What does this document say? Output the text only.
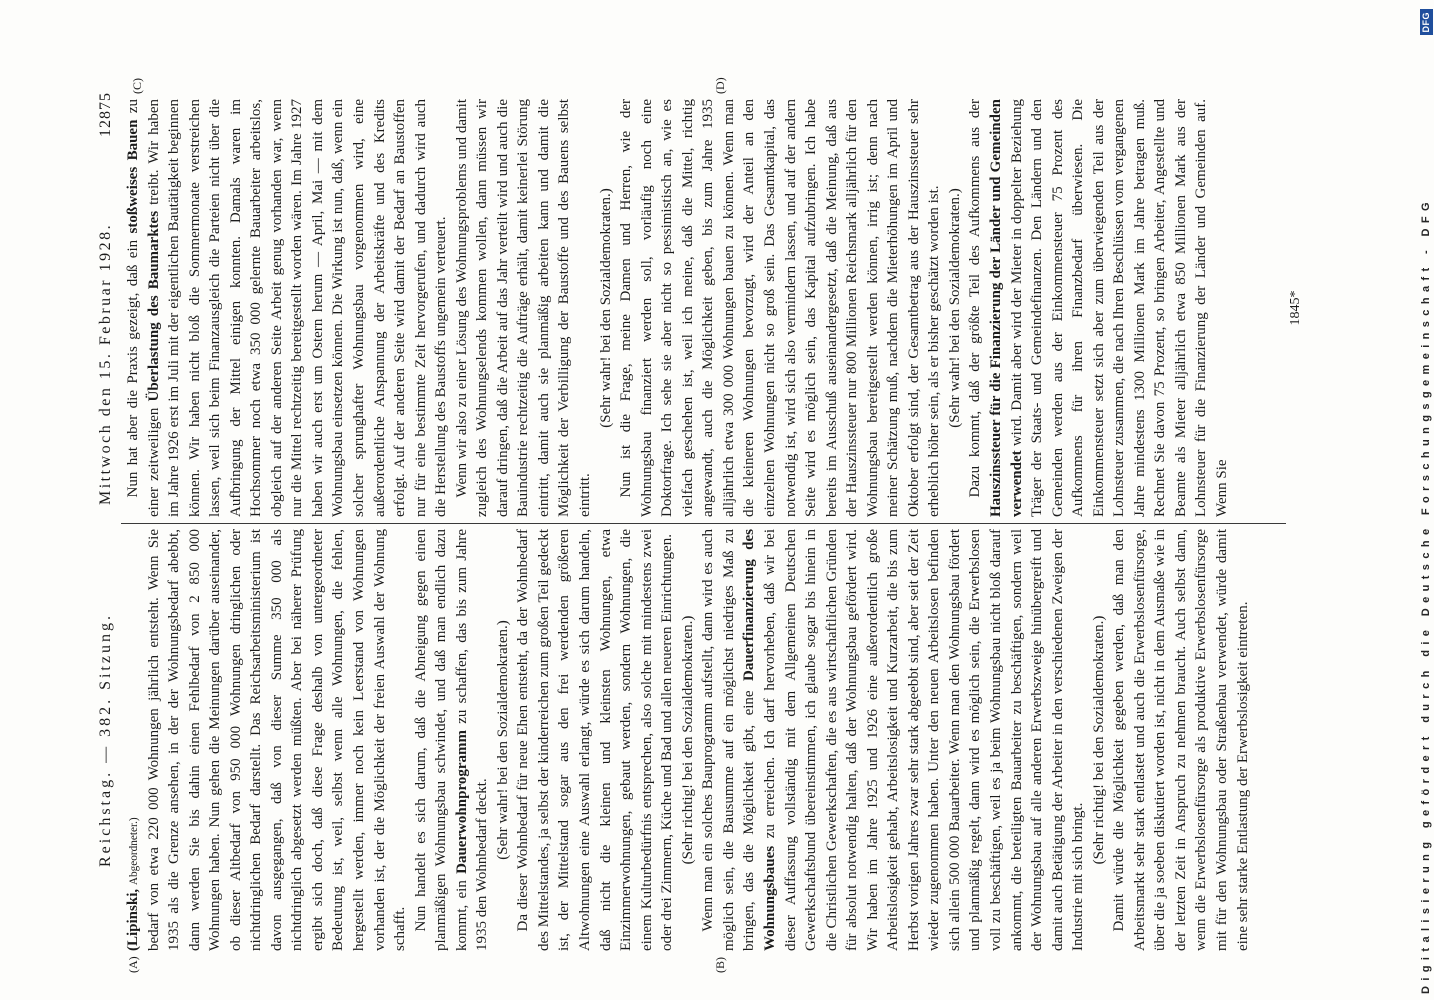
Reichstag. — 382. Sitzung.
Mittwoch den 15. Februar 1928.
12875
(A)	(B)
(C)	(D)

(Lipinski, Abgeordneter.) bedarf von etwa 220 000 Wohnungen jährlich entsteht. Wenn Sie 1935 als die Grenze ansehen, in der der Wohnungsbedarf abebbt, dann werden Sie bis dahin einen Fehlbedarf von 2 850 000 Wohnungen haben. Nun gehen die Meinungen darüber auseinander, ob dieser Altbedarf von 950 000 Wohnungen dringlichen oder nichtdringlichen Bedarf darstellt. Das Reichsarbeitsministerium ist davon ausgegangen, daß von dieser Summe 350 000 als nichtdringlich abgesetzt werden müßten. Aber bei näherer Prüfung ergibt sich doch, daß diese Frage deshalb von untergeordneter Bedeutung ist, weil, selbst wenn alle Wohnungen, die fehlen, hergestellt werden, immer noch kein Leerstand von Wohnungen vorhanden ist, der die Möglichkeit der freien Auswahl der Wohnung schafft. Nun handelt es sich darum, daß die Abneigung gegen einen planmäßigen Wohnungsbau schwindet, und daß man endlich dazu kommt, ein Dauerwohnprogramm zu schaffen, das bis zum Jahre 1935 den Wohnbedarf deckt.

(Sehr wahr! bei den Sozialdemokraten.) Da dieser Wohnbedarf für neue Ehen entsteht, da der Wohnbedarf des Mittelstandes, ja selbst der kinderreichen zum großen Teil gedeckt ist, der Mittelstand sogar aus den frei werdenden größeren Altwohnungen eine Auswahl erlangt, würde es sich darum handeln, daß nicht die kleinen und kleinsten Wohnungen, etwa Einzimmerwohnungen, gebaut werden, sondern Wohnungen, die einem Kulturbedürfnis entsprechen, also solche mit mindestens zwei oder drei Zimmern, Küche und Bad und allen neueren Einrichtungen. (Sehr richtig! bei den Sozialdemokraten.) Wenn man ein solches Bauprogramm aufstellt, dann wird es auch möglich sein, die Bausumme auf ein möglichst niedriges Maß zu bringen, das die Möglichkeit gibt, eine Dauerfinanzierung des Wohnungsbaues zu erreichen. Ich darf hervorheben, daß wir bei dieser Auffassung vollständig mit dem Allgemeinen Deutschen Gewerkschaftsbund übereinstimmen, ich glaube sogar bis hinein in die Christlichen Gewerkschaften, die es aus wirtschaftlichen Gründen für absolut notwendig halten, daß der Wohnungsbau gefördert wird. Wir haben im Jahre 1925 und 1926 eine außerordentlich große Arbeitslosigkeit gehabt, Arbeitslosigkeit und Kurzarbeit, die bis zum Herbst vorigen Jahres zwar sehr stark abgeebbt sind, aber seit der Zeit wieder zugenommen haben. Unter den neuen Arbeitslosen befinden sich allein 500 000 Bauarbeiter. Wenn man den Wohnungsbau fördert und planmäßig regelt, dann wird es möglich sein, die Erwerbslosen voll zu beschäftigen, weil es ja beim Wohnungsbau nicht bloß darauf ankommt, die beteiligten Bauarbeiter zu beschäftigen, sondern weil der Wohnungsbau auf alle anderen Erwerbszweige hinübergreift und damit auch Betätigung der Arbeiter in den verschiedenen Zweigen der Industrie mit sich bringt.

(Sehr richtig! bei den Sozialdemokraten.) Damit würde die Möglichkeit gegeben werden, daß man den Arbeitsmarkt sehr stark entlastet und auch die Erwerbslosenfürsorge, über die ja soeben diskutiert worden ist, nicht in dem Ausmaße wie in der letzten Zeit in Anspruch zu nehmen braucht. Auch selbst dann, wenn die Erwerbslosenfürsorge als produktive Erwerbslosenfürsorge mit für den Wohnungsbau oder Straßenbau verwendet, würde damit eine sehr starke Entlastung der Erwerbslosigkeit eintreten.

Nun hat aber die Praxis gezeigt, daß ein stoßweises Bauen zu einer zeitweiligen Überlastung des Baumarktes treibt. Wir haben im Jahre 1926 erst im Juli mit der eigentlichen Bautätigkeit beginnen können. Wir haben nicht bloß die Sommermonate verstreichen lassen, weil sich beim Finanzausgleich die Parteien nicht über die Aufbringung der Mittel einigen konnten. Damals waren im Hochsommer noch etwa 350 000 gelernte Bauarbeiter arbeitslos, obgleich auf der anderen Seite Arbeit genug vorhanden war, wenn nur die Mittel rechtzeitig bereitgestellt worden wären. Im Jahre 1927 haben wir auch erst um Ostern herum — April, Mai — mit dem Wohnungsbau einsetzen können. Die Wirkung ist nun, daß, wenn ein solcher sprunghafter Wohnungsbau vorgenommen wird, eine außerordentliche Anspannung der Arbeitskräfte und des Kredits erfolgt. Auf der anderen Seite wird damit der Bedarf an Baustoffen nur für eine bestimmte Zeit hervorgerufen, und dadurch wird auch die Herstellung des Baustoffs ungemein verteuert. Wenn wir also zu einer Lösung des Wohnungsproblems und damit zugleich des Wohnungselends kommen wollen, dann müssen wir darauf dringen, daß die Arbeit auf das Jahr verteilt wird und auch die Bauindustrie rechtzeitig die Aufträge erhält, damit keinerlei Störung eintritt, damit auch sie planmäßig arbeiten kann und damit die Möglichkeit der Verbilligung der Baustoffe und des Bauens selbst eintritt.

(Sehr wahr! bei den Sozialdemokraten.) Nun ist die Frage, meine Damen und Herren, wie der Wohnungsbau finanziert werden soll, vorläufig noch eine Doktorfrage. Ich sehe sie aber nicht so pessimistisch an, wie es vielfach geschehen ist, weil ich meine, daß die Mittel, richtig angewandt, auch die Möglichkeit geben, bis zum Jahre 1935 alljährlich etwa 300 000 Wohnungen bauen zu können. Wenn man die kleineren Wohnungen bevorzugt, wird der Anteil an den einzelnen Wohnungen nicht so groß sein. Das Gesamtkapital, das notwendig ist, wird sich also vermindern lassen, und auf der andern Seite wird es möglich sein, das Kapital aufzubringen. Ich habe bereits im Ausschuß auseinandergesetzt, daß die Meinung, daß aus der Hauszinssteuer nur 800 Millionen Reichsmark alljährlich für den Wohnungsbau bereitgestellt werden können, irrig ist; denn nach meiner Schätzung muß, nachdem die Mieterhöhungen im April und Oktober erfolgt sind, der Gesamtbetrag aus der Hauszinssteuer sehr erheblich höher sein, als er bisher geschätzt worden ist. (Sehr wahr! bei den Sozialdemokraten.) Dazu kommt, daß der größte Teil des Aufkommens aus der Hauszinssteuer für die Finanzierung der Länder und Gemeinden verwendet wird. Damit aber wird der Mieter in doppelter Beziehung Träger der Staats- und Gemeindefinanzen. Den Ländern und den Gemeinden werden aus der Einkommensteuer 75 Prozent des Aufkommens für ihren Finanzbedarf überwiesen. Die Einkommensteuer setzt sich aber zum überwiegenden Teil aus der Lohnsteuer zusammen, die nach Ihren Beschlüssen vom vergangenen Jahre mindestens 1300 Millionen Mark im Jahre betragen muß. Rechnet Sie davon 75 Prozent, so bringen Arbeiter, Angestellte und Beamte als Mieter alljährlich etwa 850 Millionen Mark aus der Lohnsteuer für die Finanzierung der Länder und Gemeinden auf. Wenn Sie

1845*	Digitalisierung gefördert durch die Deutsche Forschungsgemeinschaft - DFG
DFG
